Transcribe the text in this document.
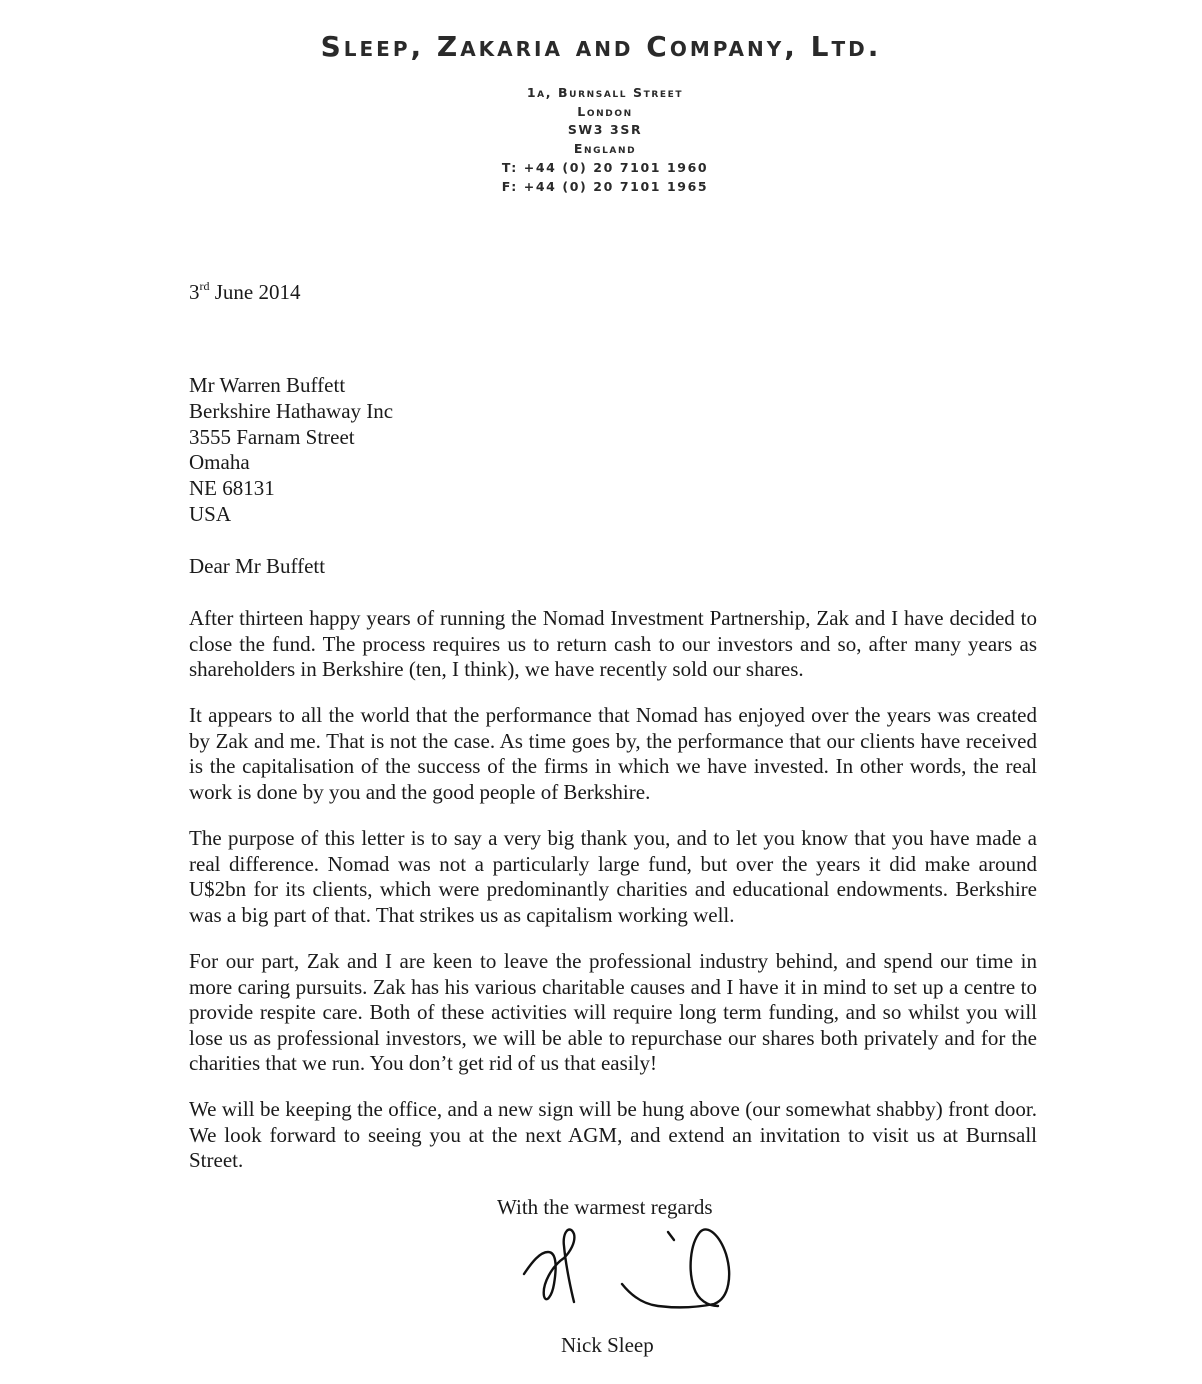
Sleep, Zakaria and Company, Ltd.
1a, Burnsall Street
London
SW3 3SR
England
T: +44 (0) 20 7101 1960
F: +44 (0) 20 7101 1965
3rd June 2014
Mr Warren Buffett
Berkshire Hathaway Inc
3555 Farnam Street
Omaha
NE 68131
USA
Dear Mr Buffett

After thirteen happy years of running the Nomad Investment Partnership, Zak and I have decided to close the fund. The process requires us to return cash to our investors and so, after many years as shareholders in Berkshire (ten, I think), we have recently sold our shares.

It appears to all the world that the performance that Nomad has enjoyed over the years was created by Zak and me. That is not the case. As time goes by, the performance that our clients have received is the capitalisation of the success of the firms in which we have invested. In other words, the real work is done by you and the good people of Berkshire.

The purpose of this letter is to say a very big thank you, and to let you know that you have made a real difference. Nomad was not a particularly large fund, but over the years it did make around U$2bn for its clients, which were predominantly charities and educational endowments. Berkshire was a big part of that. That strikes us as capitalism working well.

For our part, Zak and I are keen to leave the professional industry behind, and spend our time in more caring pursuits. Zak has his various charitable causes and I have it in mind to set up a centre to provide respite care. Both of these activities will require long term funding, and so whilst you will lose us as professional investors, we will be able to repurchase our shares both privately and for the charities that we run. You don’t get rid of us that easily!

We will be keeping the office, and a new sign will be hung above (our somewhat shabby) front door. We look forward to seeing you at the next AGM, and extend an invitation to visit us at Burnsall Street.

With the warmest regards
Nick Sleep
